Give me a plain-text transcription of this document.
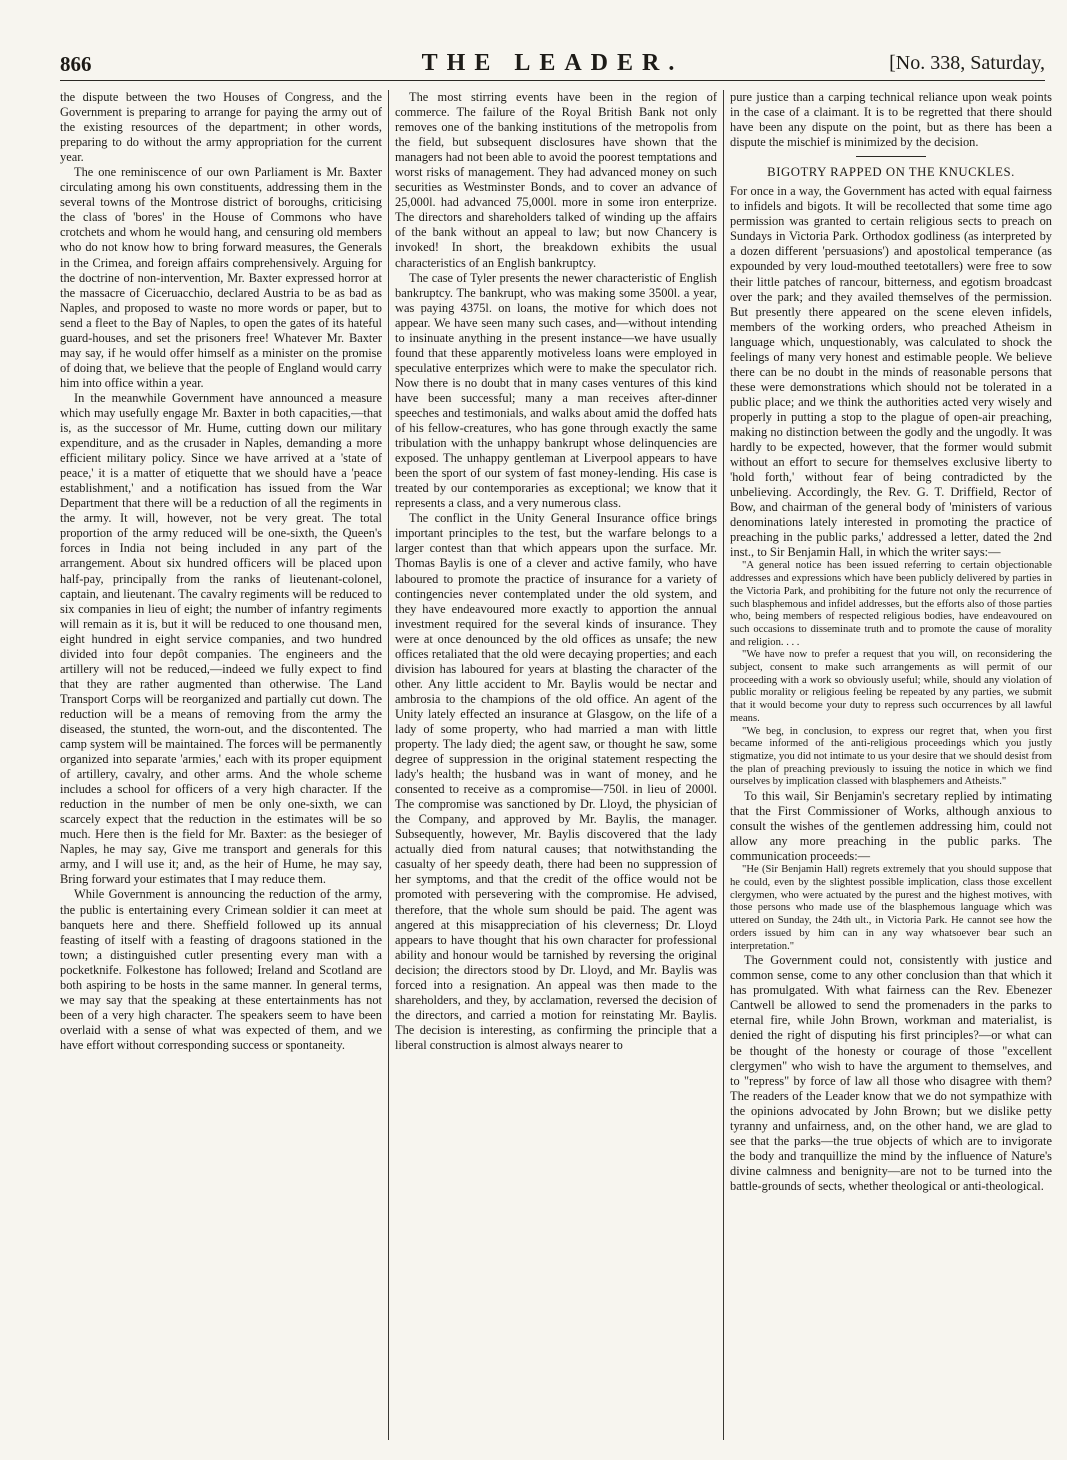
866	THE LEADER.	[No. 338, Saturday,

the dispute between the two Houses of Congress, and the Government is preparing to arrange for paying the army out of the existing resources of the department; in other words, preparing to do without the army appropriation for the current year.

The one reminiscence of our own Parliament is Mr. Baxter circulating among his own constituents, addressing them in the several towns of the Montrose district of boroughs, criticising the class of 'bores' in the House of Commons who have crotchets and whom he would hang, and censuring old members who do not know how to bring forward measures, the Generals in the Crimea, and foreign affairs comprehensively. Arguing for the doctrine of non-intervention, Mr. Baxter expressed horror at the massacre of Ciceruacchio, declared Austria to be as bad as Naples, and proposed to waste no more words or paper, but to send a fleet to the Bay of Naples, to open the gates of its hateful guard-houses, and set the prisoners free! Whatever Mr. Baxter may say, if he would offer himself as a minister on the promise of doing that, we believe that the people of England would carry him into office within a year.

In the meanwhile Government have announced a measure which may usefully engage Mr. Baxter in both capacities,—that is, as the successor of Mr. Hume, cutting down our military expenditure, and as the crusader in Naples, demanding a more efficient military policy. Since we have arrived at a 'state of peace,' it is a matter of etiquette that we should have a 'peace establishment,' and a notification has issued from the War Department that there will be a reduction of all the regiments in the army. It will, however, not be very great. The total proportion of the army reduced will be one-sixth, the Queen's forces in India not being included in any part of the arrangement. About six hundred officers will be placed upon half-pay, principally from the ranks of lieutenant-colonel, captain, and lieutenant. The cavalry regiments will be reduced to six companies in lieu of eight; the number of infantry regiments will remain as it is, but it will be reduced to one thousand men, eight hundred in eight service companies, and two hundred divided into four depôt companies. The engineers and the artillery will not be reduced,—indeed we fully expect to find that they are rather augmented than otherwise. The Land Transport Corps will be reorganized and partially cut down. The reduction will be a means of removing from the army the diseased, the stunted, the worn-out, and the discontented. The camp system will be maintained. The forces will be permanently organized into separate 'armies,' each with its proper equipment of artillery, cavalry, and other arms. And the whole scheme includes a school for officers of a very high character. If the reduction in the number of men be only one-sixth, we can scarcely expect that the reduction in the estimates will be so much. Here then is the field for Mr. Baxter: as the besieger of Naples, he may say, Give me transport and generals for this army, and I will use it; and, as the heir of Hume, he may say, Bring forward your estimates that I may reduce them.

While Government is announcing the reduction of the army, the public is entertaining every Crimean soldier it can meet at banquets here and there. Sheffield followed up its annual feasting of itself with a feasting of dragoons stationed in the town; a distinguished cutler presenting every man with a pocketknife. Folkestone has followed; Ireland and Scotland are both aspiring to be hosts in the same manner. In general terms, we may say that the speaking at these entertainments has not been of a very high character. The speakers seem to have been overlaid with a sense of what was expected of them, and we have effort without corresponding success or spontaneity.

The most stirring events have been in the region of commerce. The failure of the Royal British Bank not only removes one of the banking institutions of the metropolis from the field, but subsequent disclosures have shown that the managers had not been able to avoid the poorest temptations and worst risks of management. They had advanced money on such securities as Westminster Bonds, and to cover an advance of 25,000l. had advanced 75,000l. more in some iron enterprize. The directors and shareholders talked of winding up the affairs of the bank without an appeal to law; but now Chancery is invoked! In short, the breakdown exhibits the usual characteristics of an English bankruptcy.

The case of Tyler presents the newer characteristic of English bankruptcy. The bankrupt, who was making some 3500l. a year, was paying 4375l. on loans, the motive for which does not appear. We have seen many such cases, and—without intending to insinuate anything in the present instance—we have usually found that these apparently motiveless loans were employed in speculative enterprizes which were to make the speculator rich. Now there is no doubt that in many cases ventures of this kind have been successful; many a man receives after-dinner speeches and testimonials, and walks about amid the doffed hats of his fellow-creatures, who has gone through exactly the same tribulation with the unhappy bankrupt whose delinquencies are exposed. The unhappy gentleman at Liverpool appears to have been the sport of our system of fast money-lending. His case is treated by our contemporaries as exceptional; we know that it represents a class, and a very numerous class.

The conflict in the Unity General Insurance office brings important principles to the test, but the warfare belongs to a larger contest than that which appears upon the surface. Mr. Thomas Baylis is one of a clever and active family, who have laboured to promote the practice of insurance for a variety of contingencies never contemplated under the old system, and they have endeavoured more exactly to apportion the annual investment required for the several kinds of insurance. They were at once denounced by the old offices as unsafe; the new offices retaliated that the old were decaying properties; and each division has laboured for years at blasting the character of the other. Any little accident to Mr. Baylis would be nectar and ambrosia to the champions of the old office. An agent of the Unity lately effected an insurance at Glasgow, on the life of a lady of some property, who had married a man with little property. The lady died; the agent saw, or thought he saw, some degree of suppression in the original statement respecting the lady's health; the husband was in want of money, and he consented to receive as a compromise—750l. in lieu of 2000l. The compromise was sanctioned by Dr. Lloyd, the physician of the Company, and approved by Mr. Baylis, the manager. Subsequently, however, Mr. Baylis discovered that the lady actually died from natural causes; that notwithstanding the casualty of her speedy death, there had been no suppression of her symptoms, and that the credit of the office would not be promoted with persevering with the compromise. He advised, therefore, that the whole sum should be paid. The agent was angered at this misappreciation of his cleverness; Dr. Lloyd appears to have thought that his own character for professional ability and honour would be tarnished by reversing the original decision; the directors stood by Dr. Lloyd, and Mr. Baylis was forced into a resignation. An appeal was then made to the shareholders, and they, by acclamation, reversed the decision of the directors, and carried a motion for reinstating Mr. Baylis. The decision is interesting, as confirming the principle that a liberal construction is almost always nearer to

pure justice than a carping technical reliance upon weak points in the case of a claimant. It is to be regretted that there should have been any dispute on the point, but as there has been a dispute the mischief is minimized by the decision.

BIGOTRY RAPPED ON THE KNUCKLES.

For once in a way, the Government has acted with equal fairness to infidels and bigots. It will be recollected that some time ago permission was granted to certain religious sects to preach on Sundays in Victoria Park. Orthodox godliness (as interpreted by a dozen different 'persuasions') and apostolical temperance (as expounded by very loud-mouthed teetotallers) were free to sow their little patches of rancour, bitterness, and egotism broadcast over the park; and they availed themselves of the permission. But presently there appeared on the scene eleven infidels, members of the working orders, who preached Atheism in language which, unquestionably, was calculated to shock the feelings of many very honest and estimable people. We believe there can be no doubt in the minds of reasonable persons that these were demonstrations which should not be tolerated in a public place; and we think the authorities acted very wisely and properly in putting a stop to the plague of open-air preaching, making no distinction between the godly and the ungodly. It was hardly to be expected, however, that the former would submit without an effort to secure for themselves exclusive liberty to 'hold forth,' without fear of being contradicted by the unbelieving. Accordingly, the Rev. G. T. Driffield, Rector of Bow, and chairman of the general body of 'ministers of various denominations lately interested in promoting the practice of preaching in the public parks,' addressed a letter, dated the 2nd inst., to Sir Benjamin Hall, in which the writer says:—

"A general notice has been issued referring to certain objectionable addresses and expressions which have been publicly delivered by parties in the Victoria Park, and prohibiting for the future not only the recurrence of such blasphemous and infidel addresses, but the efforts also of those parties who, being members of respected religious bodies, have endeavoured on such occasions to disseminate truth and to promote the cause of morality and religion. . . .

"We have now to prefer a request that you will, on reconsidering the subject, consent to make such arrangements as will permit of our proceeding with a work so obviously useful; while, should any violation of public morality or religious feeling be repeated by any parties, we submit that it would become your duty to repress such occurrences by all lawful means.

"We beg, in conclusion, to express our regret that, when you first became informed of the anti-religious proceedings which you justly stigmatize, you did not intimate to us your desire that we should desist from the plan of preaching previously to issuing the notice in which we find ourselves by implication classed with blasphemers and Atheists."

To this wail, Sir Benjamin's secretary replied by intimating that the First Commissioner of Works, although anxious to consult the wishes of the gentlemen addressing him, could not allow any more preaching in the public parks. The communication proceeds:—

"He (Sir Benjamin Hall) regrets extremely that you should suppose that he could, even by the slightest possible implication, class those excellent clergymen, who were actuated by the purest and the highest motives, with those persons who made use of the blasphemous language which was uttered on Sunday, the 24th ult., in Victoria Park. He cannot see how the orders issued by him can in any way whatsoever bear such an interpretation."

The Government could not, consistently with justice and common sense, come to any other conclusion than that which it has promulgated. With what fairness can the Rev. Ebenezer Cantwell be allowed to send the promenaders in the parks to eternal fire, while John Brown, workman and materialist, is denied the right of disputing his first principles?—or what can be thought of the honesty or courage of those "excellent clergymen" who wish to have the argument to themselves, and to "repress" by force of law all those who disagree with them? The readers of the Leader know that we do not sympathize with the opinions advocated by John Brown; but we dislike petty tyranny and unfairness, and, on the other hand, we are glad to see that the parks—the true objects of which are to invigorate the body and tranquillize the mind by the influence of Nature's divine calmness and benignity—are not to be turned into the battle-grounds of sects, whether theological or anti-theological.
